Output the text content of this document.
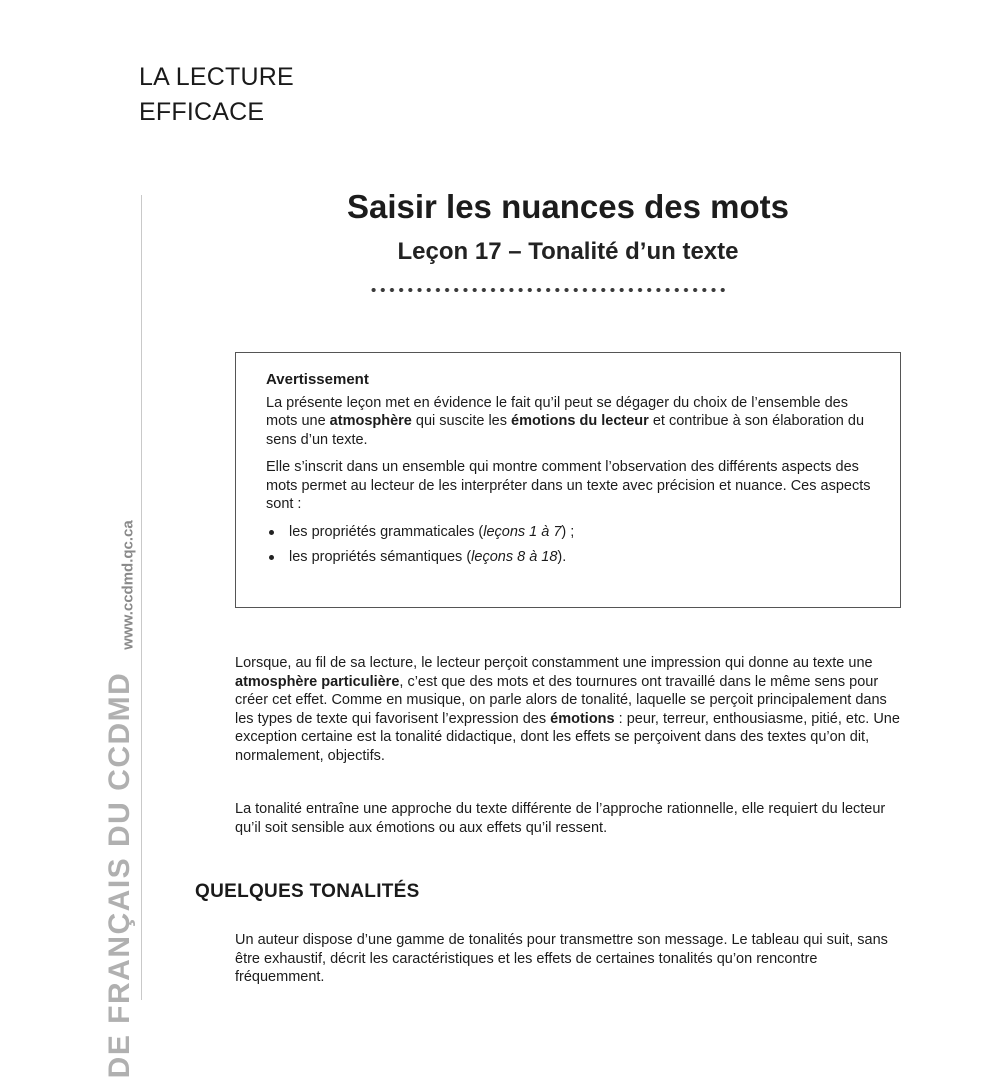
LA LECTURE
EFFICACE
www.ccdmd.qc.ca
DE FRANÇAIS DU CCDMD
Saisir les nuances des mots
Leçon 17 – Tonalité d’un texte
Avertissement

La présente leçon met en évidence le fait qu’il peut se dégager du choix de l’ensemble des mots une atmosphère qui suscite les émotions du lecteur et contribue à son élaboration du sens d’un texte.

Elle s’inscrit dans un ensemble qui montre comment l’observation des différents aspects des mots permet au lecteur de les interpréter dans un texte avec précision et nuance. Ces aspects sont :

les propriétés grammaticales (leçons 1 à 7) ;
les propriétés sémantiques (leçons 8 à 18).

Lorsque, au fil de sa lecture, le lecteur perçoit constamment une impression qui donne au texte une atmosphère particulière, c’est que des mots et des tournures ont travaillé dans le même sens pour créer cet effet. Comme en musique, on parle alors de tonalité, laquelle se perçoit principalement dans les types de texte qui favorisent l’expression des émotions : peur, terreur, enthousiasme, pitié, etc. Une exception certaine est la tonalité didactique, dont les effets se perçoivent dans des textes qu’on dit, normalement, objectifs.

La tonalité entraîne une approche du texte différente de l’approche rationnelle, elle requiert du lecteur qu’il soit sensible aux émotions ou aux effets qu’il ressent.

QUELQUES TONALITÉS

Un auteur dispose d’une gamme de tonalités pour transmettre son message. Le tableau qui suit, sans être exhaustif, décrit les caractéristiques et les effets de certaines tonalités qu’on rencontre fréquemment.
